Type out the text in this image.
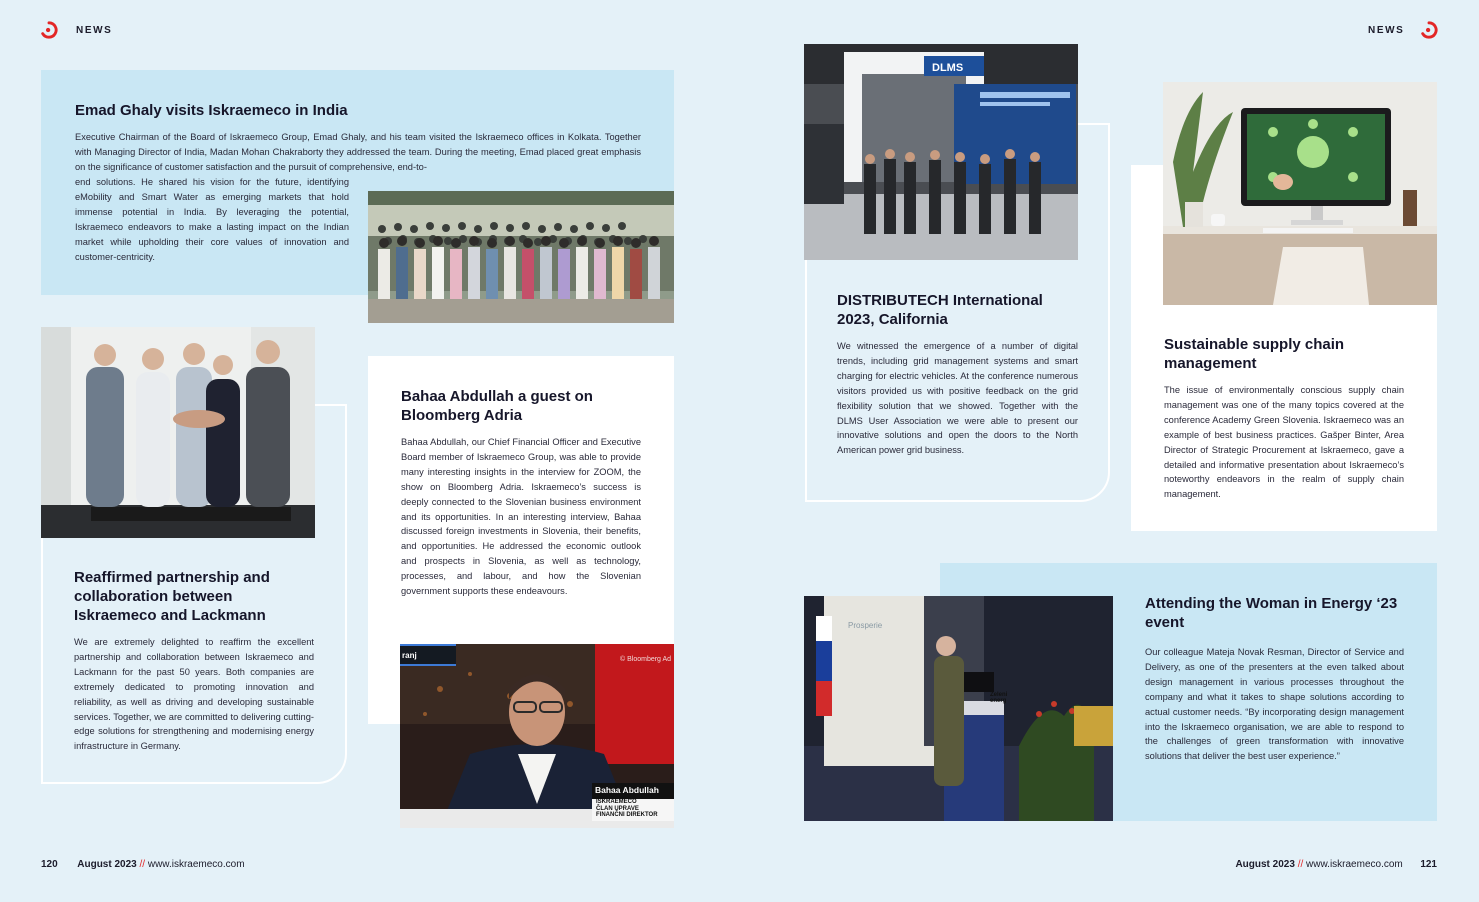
NEWS	NEWS
Emad Ghaly visits Iskraemeco in India

Executive Chairman of the Board of Iskraemeco Group, Emad Ghaly, and his team visited the Iskraemeco offices in Kolkata. Together with Managing Director of India, Madan Mohan Chakraborty they addressed the team. During the meeting, Emad placed great emphasis on the significance of customer satisfaction and the pursuit of comprehensive, end-to-

end solutions. He shared his vision for the future, identifying eMobility and Smart Water as emerging markets that hold immense potential in India. By leveraging the potential, Iskraemeco endeavors to make a lasting impact on the Indian market while upholding their core values of innovation and customer-centricity.

Reaffirmed partnership and collaboration between Iskraemeco and Lackmann

We are extremely delighted to reaffirm the excellent partnership and collaboration between Iskraemeco and Lackmann for the past 50 years. Both companies are extremely dedicated to promoting innovation and reliability, as well as driving and developing sustainable services. Together, we are committed to delivering cutting-edge solutions for strengthening and modernising energy infrastructure in Germany.

Bahaa Abdullah a guest on Bloomberg Adria

Bahaa Abdullah, our Chief Financial Officer and Executive Board member of Iskraemeco Group, was able to provide many interesting insights in the interview for ZOOM, the show on Bloomberg Adria. Iskraemeco’s success is deeply connected to the Slovenian business environment and its opportunities. In an interesting interview, Bahaa discussed foreign investments in Slovenia, their benefits, and opportunities. He addressed the economic outlook and prospects in Slovenia, as well as technology, processes, and labour, and how the Slovenian government supports these endeavours.

ranj	© Bloomberg Ad
Bahaa Abdullah
ISKRAEMECO
ČLAN UPRAVE
FINANČNI DIREKTOR
DLMS
DISTRIBUTECH International 2023, California

We witnessed the emergence of a number of digital trends, including grid management systems and smart charging for electric vehicles. At the conference numerous visitors provided us with positive feedback on the grid flexibility solution that we showed. Together with the DLMS User Association we were able to present our innovative solutions and open the doors to the North American power grid business.

Sustainable supply chain management

The issue of environmentally conscious supply chain management was one of the many topics covered at the conference Academy Green Slovenia. Iskraemeco was an example of best business practices. Gašper Binter, Area Director of Strategic Procurement at Iskraemeco, gave a detailed and informative presentation about Iskraemeco’s noteworthy endeavors in the realm of supply chain management.

Prosperie
Zeleni energ
Attending the Woman in Energy ‘23 event

Our colleague Mateja Novak Resman, Director of Service and Delivery, as one of the presenters at the even talked about design management in various processes throughout the company and what it takes to shape solutions according to actual customer needs. “By incorporating design management into the Iskraemeco organisation, we are able to respond to the challenges of green transformation with innovative solutions that deliver the best user experience.”

120 August 2023 // www.iskraemeco.com	August 2023 // www.iskraemeco.com 121
